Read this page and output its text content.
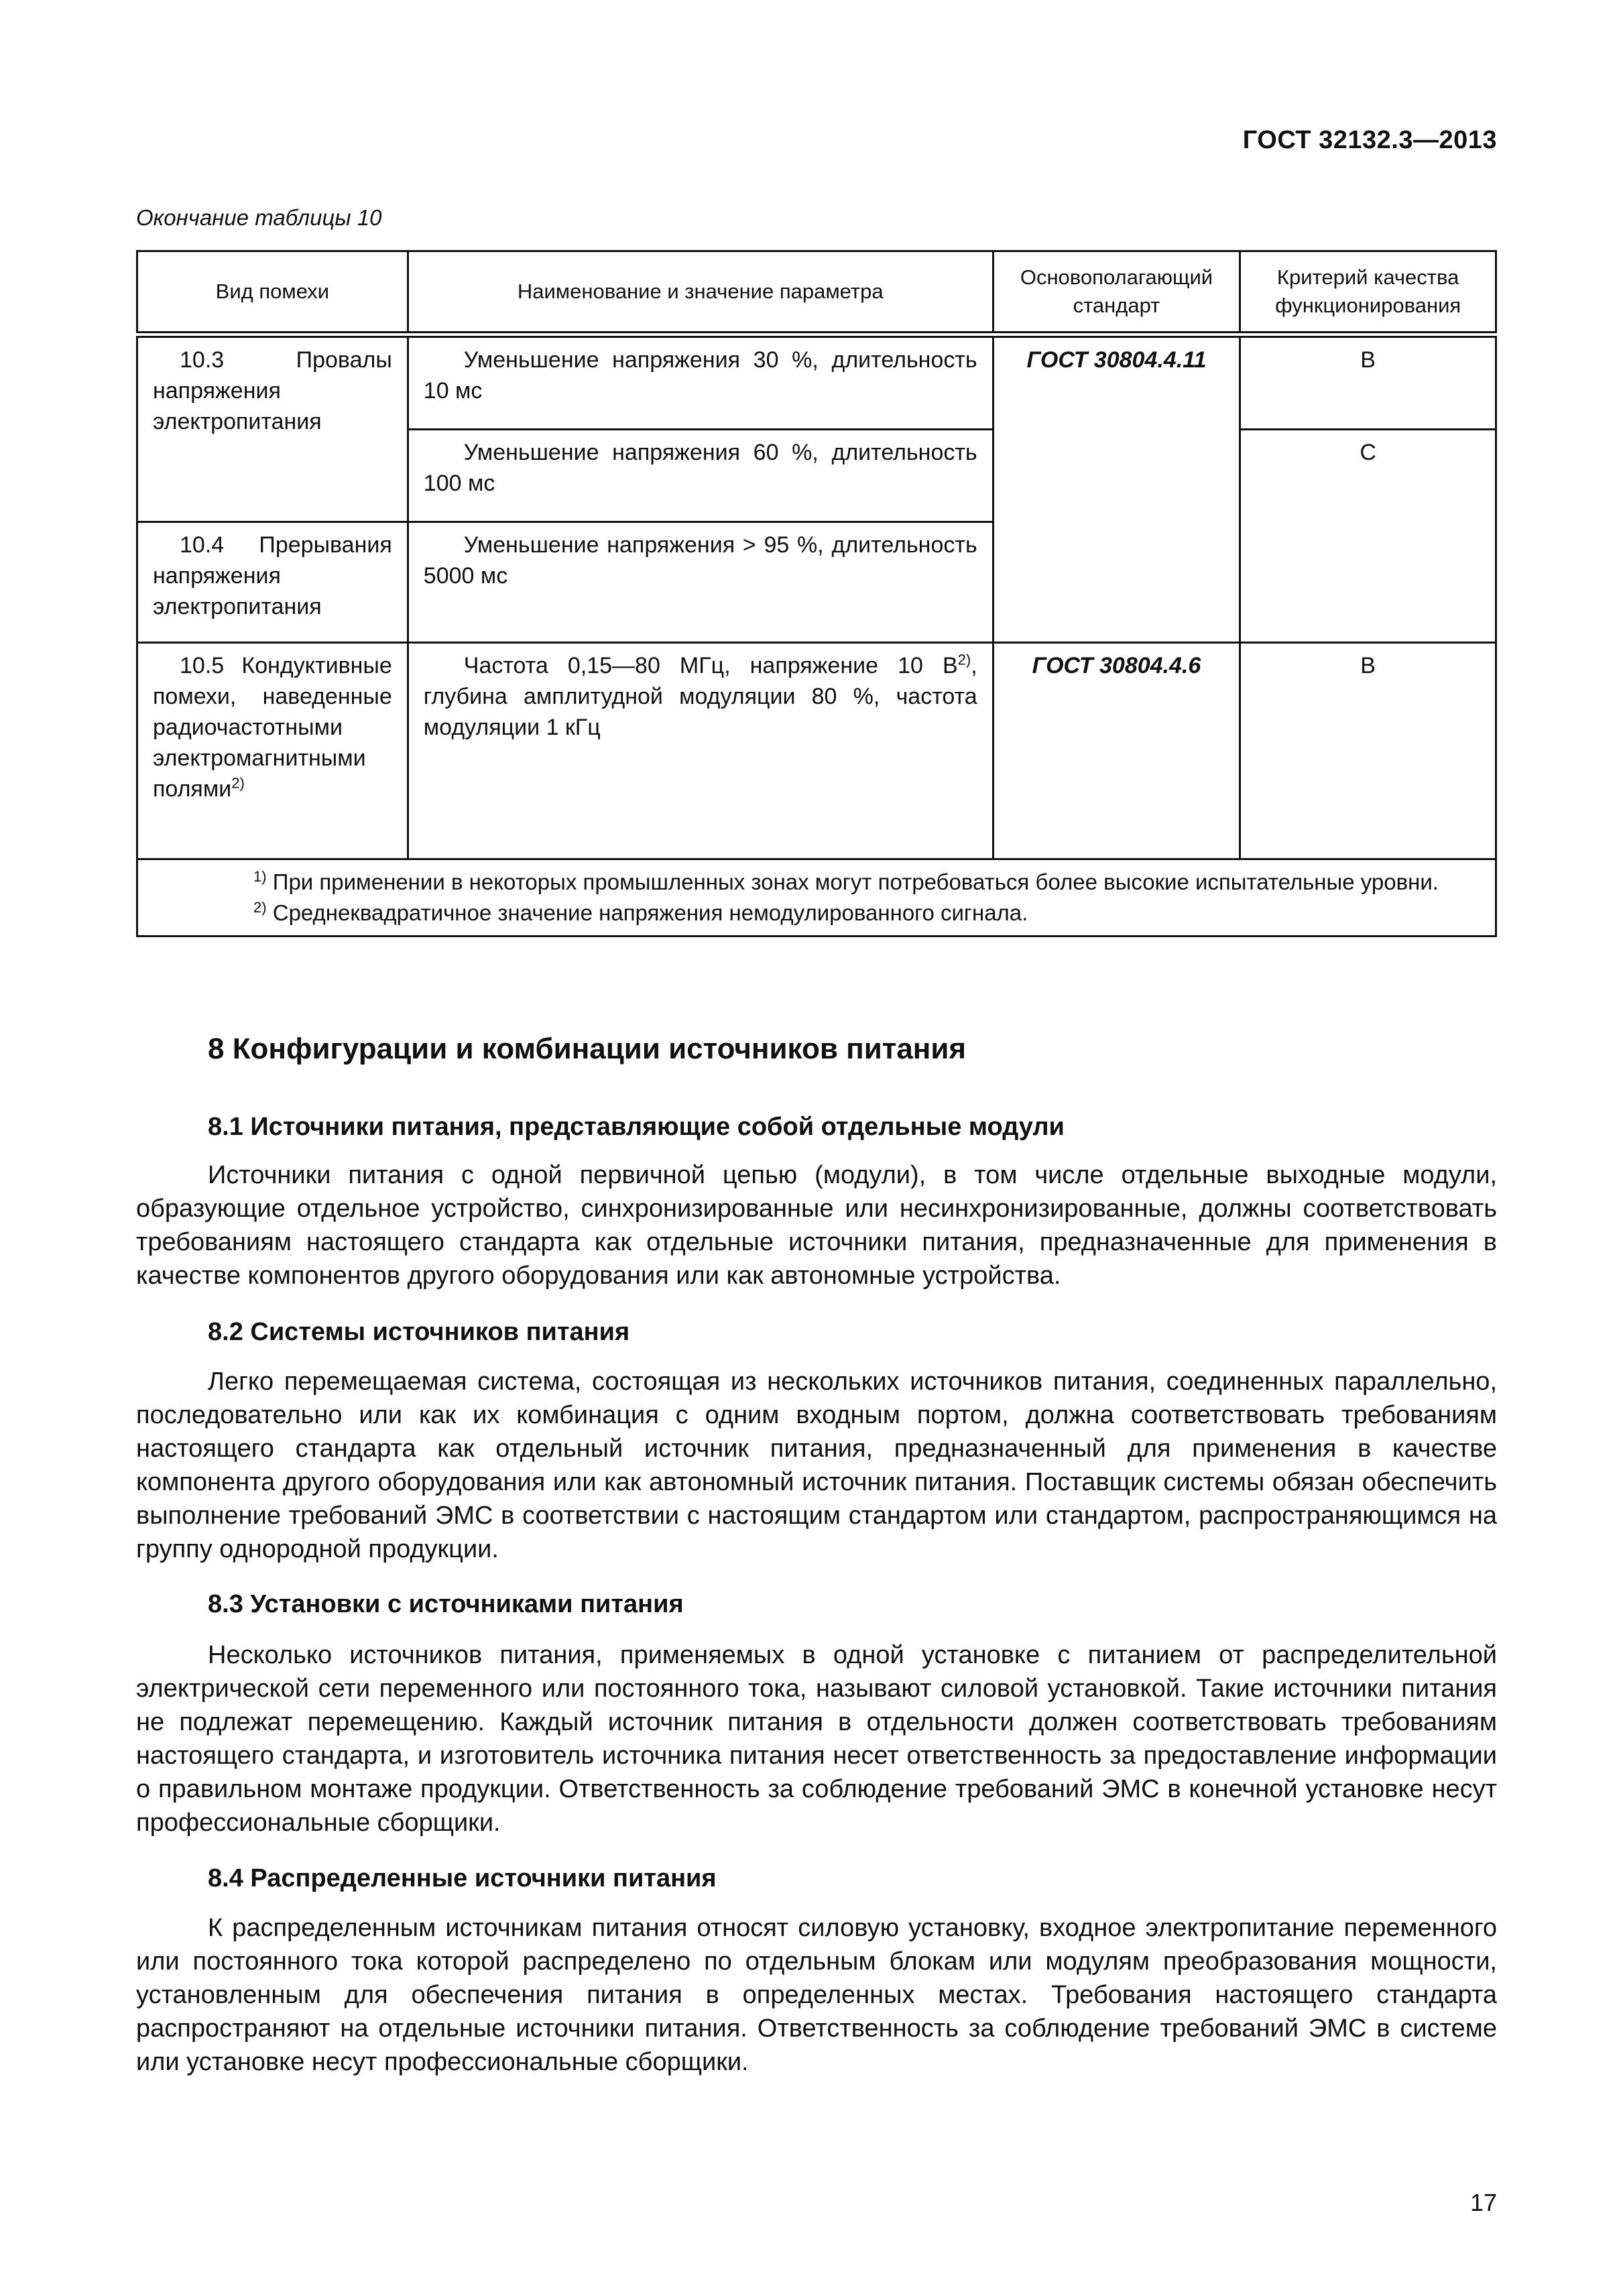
ГОСТ 32132.3—2013
Окончание таблицы 10
Вид помехи	Наименование и значение параметра	Основополагающий стандарт	Критерий качества функционирования
10.3 Провалы напряжения электропитания	Уменьшение напряжения 30 %, длительность 10 мс	ГОСТ 30804.4.11	B
	Уменьшение напряжения 60 %, длительность 100 мс		C
10.4 Прерывания напряжения электропитания	Уменьшение напряжения > 95 %, длительность 5000 мс		
10.5 Кондуктивные помехи, наведенные радиочастотными электромагнитными полями$^{2)}$	Частота 0,15—80 МГц, напряжение 10 $В^{2)}$, глубина амплитудной модуляции 80 %, частота модуляции 1 кГц	ГОСТ 30804.4.6	B

$^{1)}$ При применении в некоторых промышленных зонах могут потребоваться более высокие испытательные уровни.
$^{2)}$ Среднеквадратичное значение напряжения немодулированного сигнала.			
8 Конфигурации и комбинации источников питания
8.1 Источники питания, представляющие собой отдельные модули
Источники питания с одной первичной цепью (модули), в том числе отдельные выходные модули, образующие отдельное устройство, синхронизированные или несинхронизированные, должны соответствовать требованиям настоящего стандарта как отдельные источники питания, предназначенные для применения в качестве компонентов другого оборудования или как автономные устройства.
8.2 Системы источников питания
Легко перемещаемая система, состоящая из нескольких источников питания, соединенных параллельно, последовательно или как их комбинация с одним входным портом, должна соответствовать требованиям настоящего стандарта как отдельный источник питания, предназначенный для применения в качестве компонента другого оборудования или как автономный источник питания. Поставщик системы обязан обеспечить выполнение требований ЭМС в соответствии с настоящим стандартом или стандартом, распространяющимся на группу однородной продукции.
8.3 Установки с источниками питания
Несколько источников питания, применяемых в одной установке с питанием от распределительной электрической сети переменного или постоянного тока, называют силовой установкой. Такие источники питания не подлежат перемещению. Каждый источник питания в отдельности должен соответствовать требованиям настоящего стандарта, и изготовитель источника питания несет ответственность за предоставление информации о правильном монтаже продукции. Ответственность за соблюдение требований ЭМС в конечной установке несут профессиональные сборщики.
8.4 Распределенные источники питания
К распределенным источникам питания относят силовую установку, входное электропитание переменного или постоянного тока которой распределено по отдельным блокам или модулям преобразования мощности, установленным для обеспечения питания в определенных местах. Требования настоящего стандарта распространяют на отдельные источники питания. Ответственность за соблюдение требований ЭМС в системе или установке несут профессиональные сборщики.
17
